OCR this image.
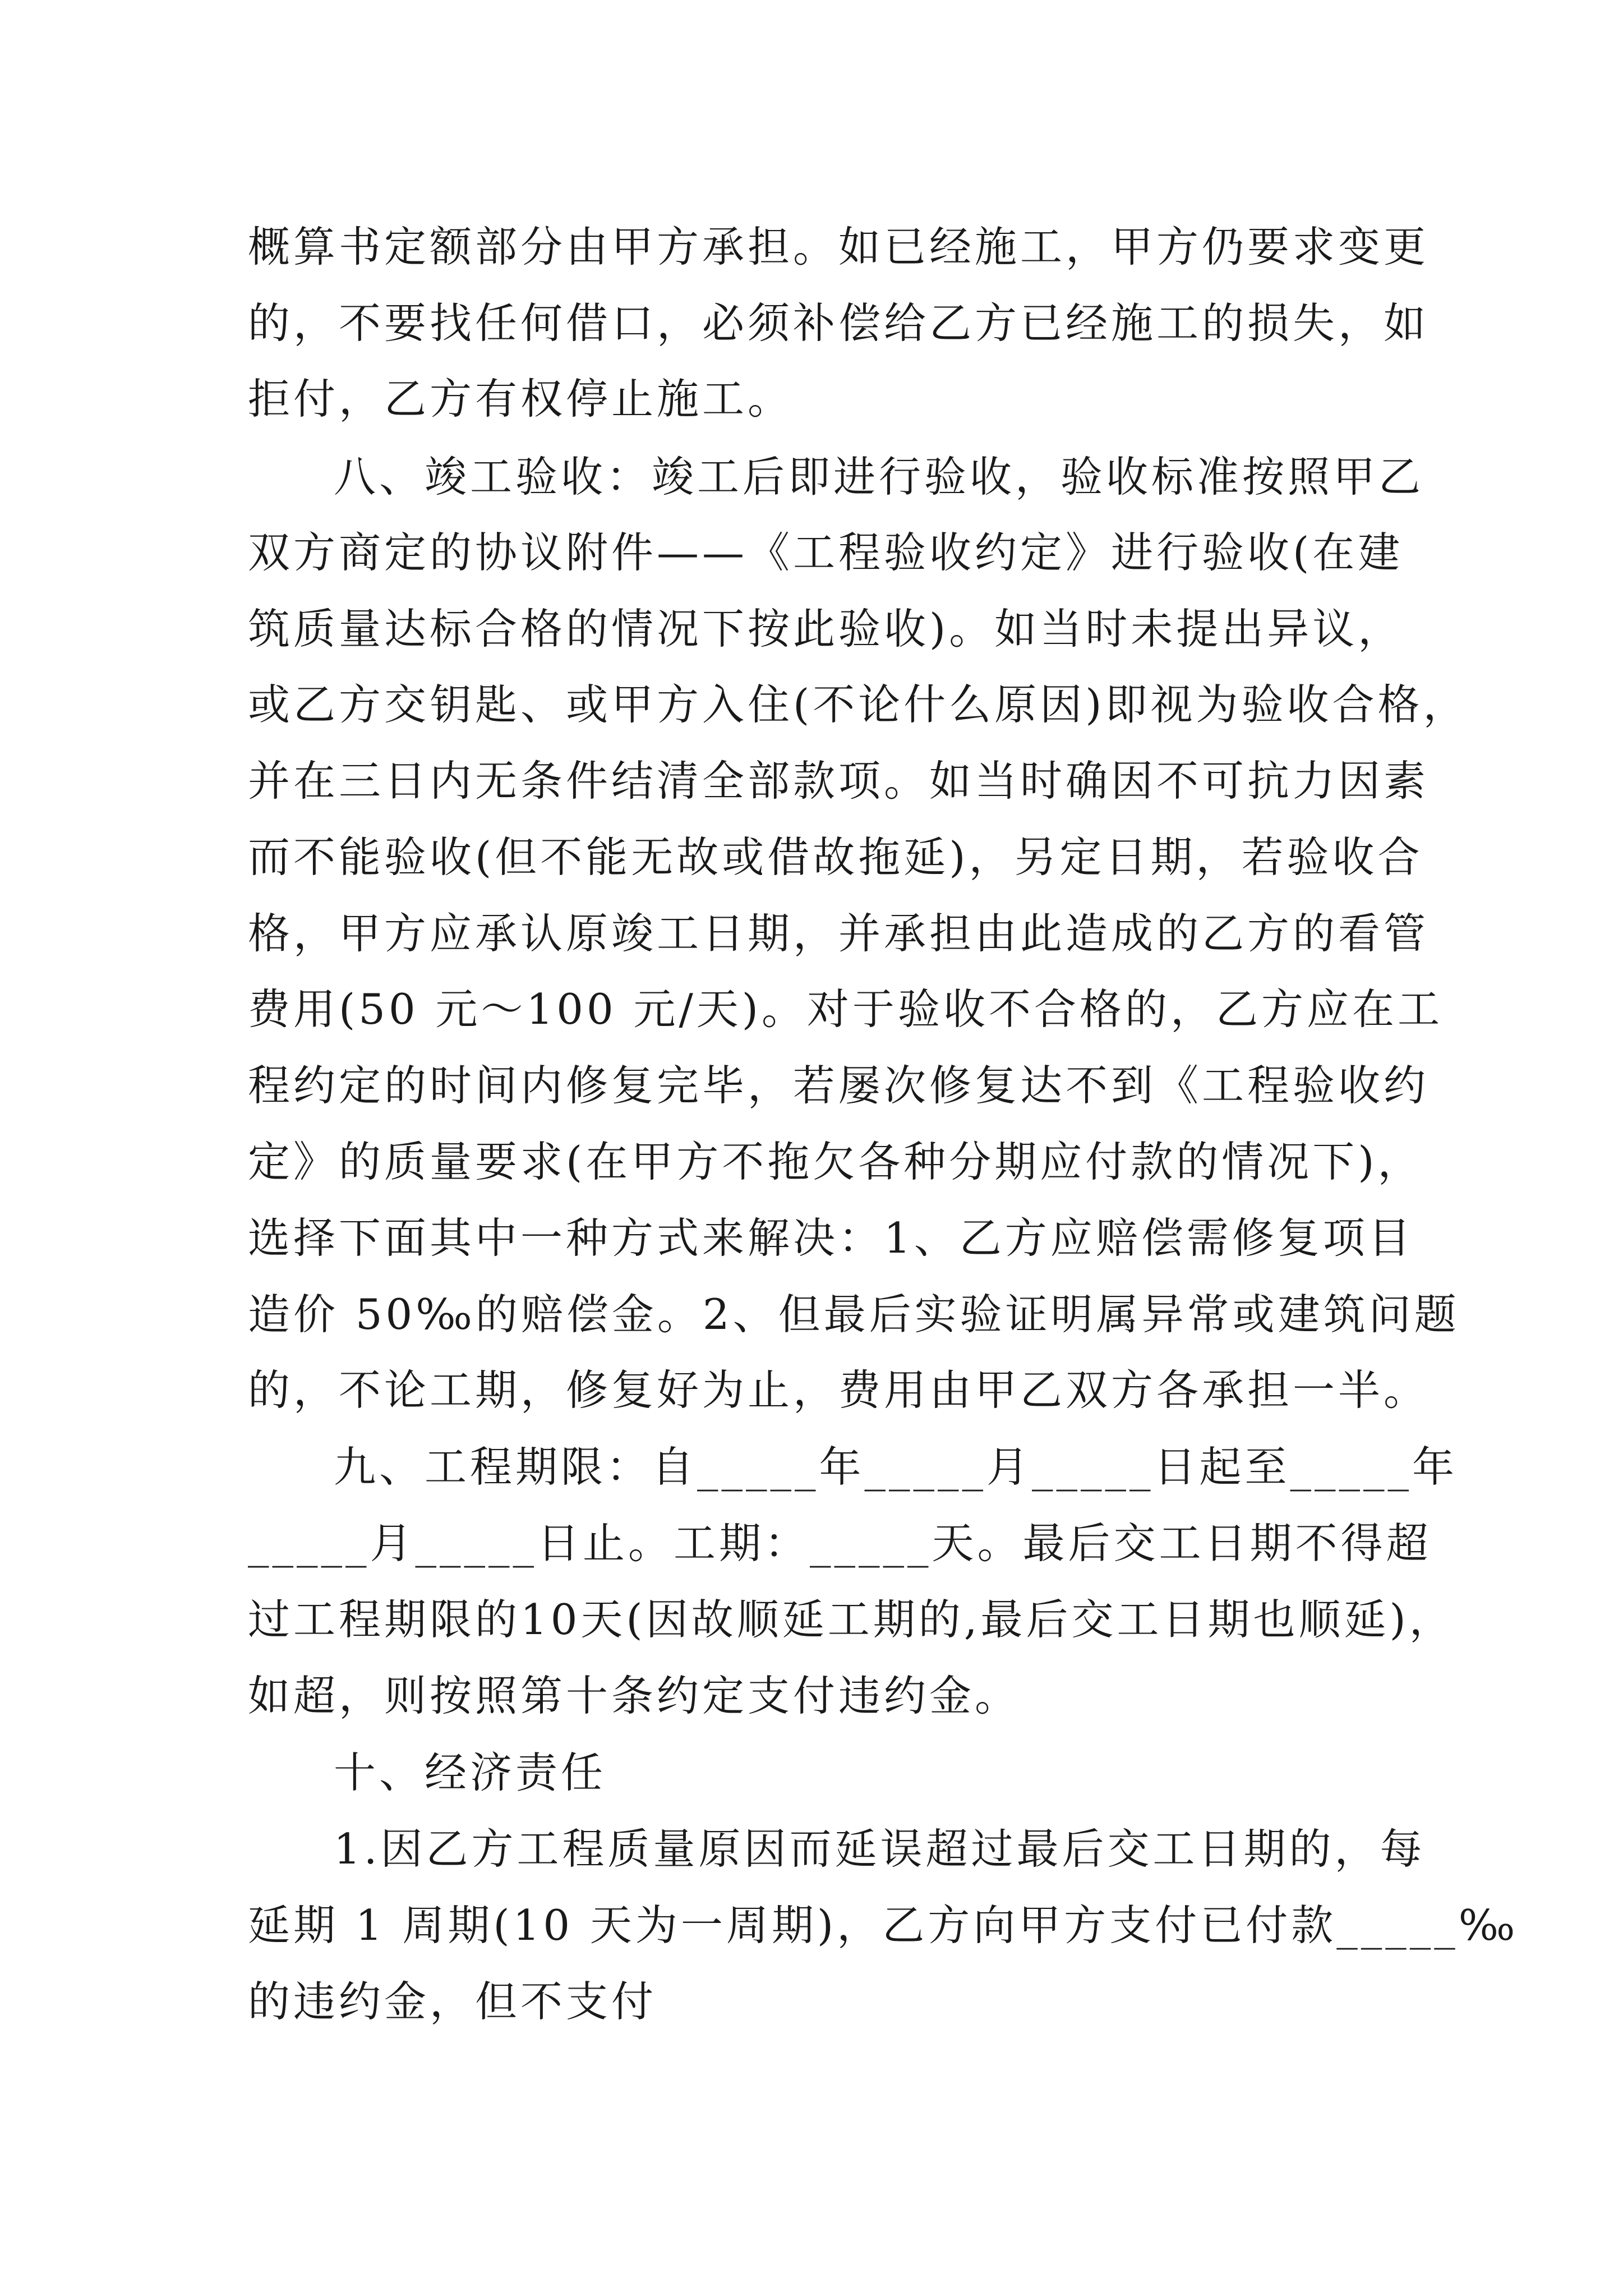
概算书定额部分由甲方承担。如已经施工，甲方仍要求变更
的，不要找任何借口，必须补偿给乙方已经施工的损失，如
拒付，乙方有权停止施工。
八、竣工验收：竣工后即进行验收，验收标准按照甲乙
双方商定的协议附件——《工程验收约定》进行验收(在建
筑质量达标合格的情况下按此验收)。如当时未提出异议，
或乙方交钥匙、或甲方入住(不论什么原因)即视为验收合格，
并在三日内无条件结清全部款项。如当时确因不可抗力因素
而不能验收(但不能无故或借故拖延)，另定日期，若验收合
格，甲方应承认原竣工日期，并承担由此造成的乙方的看管
费用(50 元～100 元/天)。对于验收不合格的，乙方应在工
程约定的时间内修复完毕，若屡次修复达不到《工程验收约
定》的质量要求(在甲方不拖欠各种分期应付款的情况下)，
选择下面其中一种方式来解决：1、乙方应赔偿需修复项目
造价 50‰的赔偿金。2、但最后实验证明属异常或建筑问题
的，不论工期，修复好为止，费用由甲乙双方各承担一半。
九、工程期限：自_____年_____月_____日起至_____年
_____月_____日止。工期：_____天。最后交工日期不得超
过工程期限的10天(因故顺延工期的,最后交工日期也顺延)，
如超，则按照第十条约定支付违约金。
十、经济责任
1.因乙方工程质量原因而延误超过最后交工日期的，每
延期 1 周期(10 天为一周期)，乙方向甲方支付已付款_____‰
的违约金，但不支付
